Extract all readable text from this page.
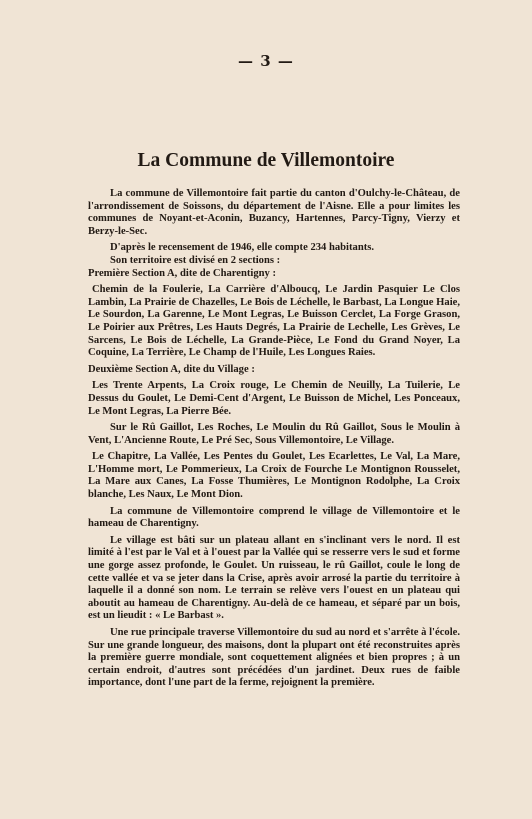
— 3 —
La Commune de Villemontoire

La commune de Villemontoire fait partie du canton d'Oulchy-le-Château, de l'arrondissement de Soissons, du département de l'Aisne. Elle a pour limites les communes de Noyant-et-Aconin, Buzancy, Hartennes, Parcy-Tigny, Vierzy et Berzy-le-Sec.

D'après le recensement de 1946, elle compte 234 habitants.

Son territoire est divisé en 2 sections :

Première Section A, dite de Charentigny :

Chemin de la Foulerie, La Carrière d'Alboucq, Le Jardin Pasquier Le Clos Lambin, La Prairie de Chazelles, Le Bois de Léchelle, le Barbast, La Longue Haie, Le Sourdon, La Garenne, Le Mont Legras, Le Buisson Cerclet, La Forge Grason, Le Poirier aux Prêtres, Les Hauts Degrés, La Prairie de Lechelle, Les Grèves, Le Sarcens, Le Bois de Léchelle, La Grande-Pièce, Le Fond du Grand Noyer, La Coquine, La Terrière, Le Champ de l'Huile, Les Longues Raies.

Deuxième Section A, dite du Village :

Les Trente Arpents, La Croix rouge, Le Chemin de Neuilly, La Tuilerie, Le Dessus du Goulet, Le Demi-Cent d'Argent, Le Buisson de Michel, Les Ponceaux, Le Mont Legras, La Pierre Bée.

Sur le Rû Gaillot, Les Roches, Le Moulin du Rû Gaillot, Sous le Moulin à Vent, L'Ancienne Route, Le Pré Sec, Sous Villemontoire, Le Village.

Le Chapitre, La Vallée, Les Pentes du Goulet, Les Ecarlettes, Le Val, La Mare, L'Homme mort, Le Pommerieux, La Croix de Fourche Le Montignon Rousselet, La Mare aux Canes, La Fosse Thumières, Le Montignon Rodolphe, La Croix blanche, Les Naux, Le Mont Dion.

La commune de Villemontoire comprend le village de Villemontoire et le hameau de Charentigny.

Le village est bâti sur un plateau allant en s'inclinant vers le nord. Il est limité à l'est par le Val et à l'ouest par la Vallée qui se resserre vers le sud et forme une gorge assez profonde, le Goulet. Un ruisseau, le rû Gaillot, coule le long de cette vallée et va se jeter dans la Crise, après avoir arrosé la partie du territoire à laquelle il a donné son nom. Le terrain se relève vers l'ouest en un plateau qui aboutit au hameau de Charentigny. Au-delà de ce hameau, et séparé par un bois, est un lieudit : « Le Barbast ».

Une rue principale traverse Villemontoire du sud au nord et s'arrête à l'école. Sur une grande longueur, des maisons, dont la plupart ont été reconstruites après la première guerre mondiale, sont coquettement alignées et bien propres ; à un certain endroit, d'autres sont précédées d'un jardinet. Deux rues de faible importance, dont l'une part de la ferme, rejoignent la première.
